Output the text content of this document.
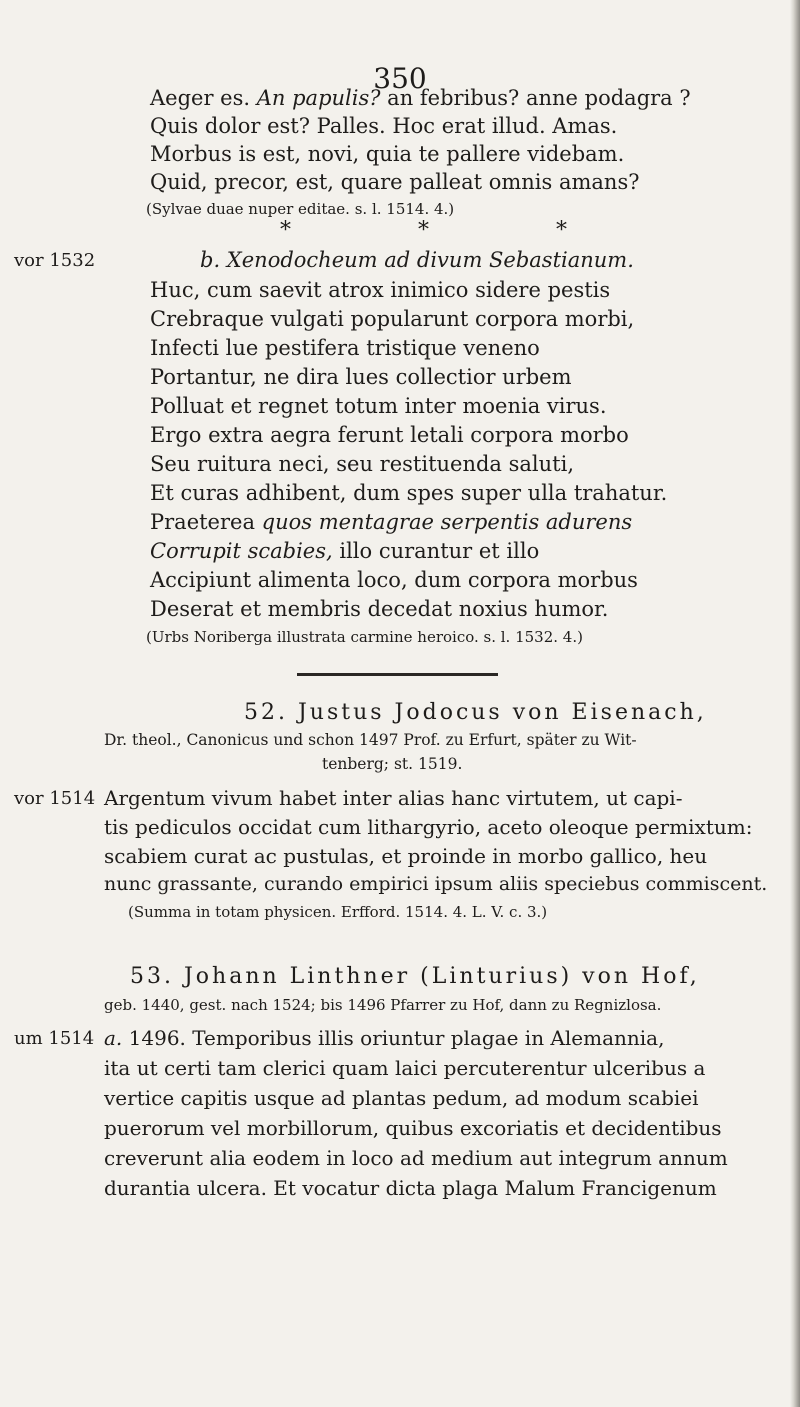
350
Aeger es. An papulis? an febribus? anne podagra ?
Quis dolor est? Palles. Hoc erat illud. Amas.
Morbus is est, novi, quia te pallere videbam.
Quid, precor, est, quare palleat omnis amans?
(Sylvae duae nuper editae. s. l. 1514. 4.)
* * *
vor 1532	b. Xenodocheum ad divum Sebastianum.
Huc, cum saevit atrox inimico sidere pestis
Crebraque vulgati popularunt corpora morbi,
Infecti lue pestifera tristique veneno
Portantur, ne dira lues collectior urbem
Polluat et regnet totum inter moenia virus.
Ergo extra aegra ferunt letali corpora morbo
Seu ruitura neci, seu restituenda saluti,
Et curas adhibent, dum spes super ulla trahatur.
Praeterea quos mentagrae serpentis adurens
Corrupit scabies, illo curantur et illo
Accipiunt alimenta loco, dum corpora morbus
Deserat et membris decedat noxius humor.
(Urbs Noriberga illustrata carmine heroico. s. l. 1532. 4.)
52. Justus Jodocus von Eisenach,
Dr. theol., Canonicus und schon 1497 Prof. zu Erfurt, später zu Wit-
tenberg; st. 1519.
vor 1514 Argentum vivum habet inter alias hanc virtutem, ut capi-
tis pediculos occidat cum lithargyrio, aceto oleoque permixtum:
scabiem curat ac pustulas, et proinde in morbo gallico, heu
nunc grassante, curando empirici ipsum aliis speciebus commiscent.
(Summa in totam physicen. Erfford. 1514. 4. L. V. c. 3.)
53. Johann Linthner (Linturius) von Hof,
geb. 1440, gest. nach 1524; bis 1496 Pfarrer zu Hof, dann zu Regnizlosa.
um 1514 a. 1496. Temporibus illis oriuntur plagae in Alemannia,
ita ut certi tam clerici quam laici percuterentur ulceribus a
vertice capitis usque ad plantas pedum, ad modum scabiei
puerorum vel morbillorum, quibus excoriatis et decidentibus
creverunt alia eodem in loco ad medium aut integrum annum
durantia ulcera. Et vocatur dicta plaga Malum Francigenum
